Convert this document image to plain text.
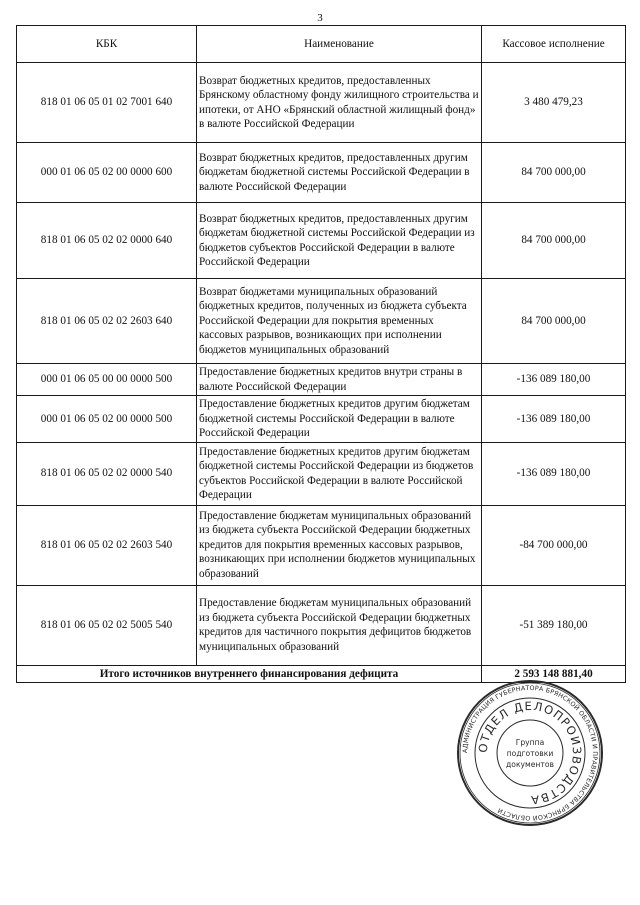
3
КБК	Наименование	Кассовое исполнение
818 01 06 05 01 02 7001 640	Возврат бюджетных кредитов, предоставленных Брянскому областному фонду жилищного строительства и ипотеки, от АНО «Брянский областной жилищный фонд» в валюте Российской Федерации	3 480 479,23
000 01 06 05 02 00 0000 600	Возврат бюджетных кредитов, предоставленных другим бюджетам бюджетной системы Российской Федерации в валюте Российской Федерации	84 700 000,00
818 01 06 05 02 02 0000 640	Возврат бюджетных кредитов, предоставленных другим бюджетам бюджетной системы Российской Федерации из бюджетов субъектов Российской Федерации в валюте Российской Федерации	84 700 000,00
818 01 06 05 02 02 2603 640	Возврат бюджетами муниципальных образований бюджетных кредитов, полученных из бюджета субъекта Российской Федерации для покрытия временных кассовых разрывов, возникающих при исполнении бюджетов муниципальных образований	84 700 000,00
000 01 06 05 00 00 0000 500	Предоставление бюджетных кредитов внутри страны в валюте Российской Федерации	-136 089 180,00
000 01 06 05 02 00 0000 500	Предоставление бюджетных кредитов другим бюджетам бюджетной системы Российской Федерации в валюте Российской Федерации	-136 089 180,00
818 01 06 05 02 02 0000 540	Предоставление бюджетных кредитов другим бюджетам бюджетной системы Российской Федерации из бюджетов субъектов Российской Федерации в валюте Российской Федерации	-136 089 180,00
818 01 06 05 02 02 2603 540	Предоставление бюджетам муниципальных образований из бюджета субъекта Российской Федерации бюджетных кредитов для покрытия временных кассовых разрывов, возникающих при исполнении бюджетов муниципальных образований	-84 700 000,00
818 01 06 05 02 02 5005 540	Предоставление бюджетам муниципальных образований из бюджета субъекта Российской Федерации бюджетных кредитов для частичного покрытия дефицитов бюджетов муниципальных образований	-51 389 180,00
Итого источников внутреннего финансирования дефицита		2 593 148 881,40
АДМИНИСТРАЦИЯ ГУБЕРНАТОРА БРЯНСКОЙ ОБЛАСТИ И ПРАВИТЕЛЬСТВА БРЯНСКОЙ ОБЛАСТИ
ОТДЕЛ ДЕЛОПРОИЗВОДСТВА
Группа
подготовки
документов
